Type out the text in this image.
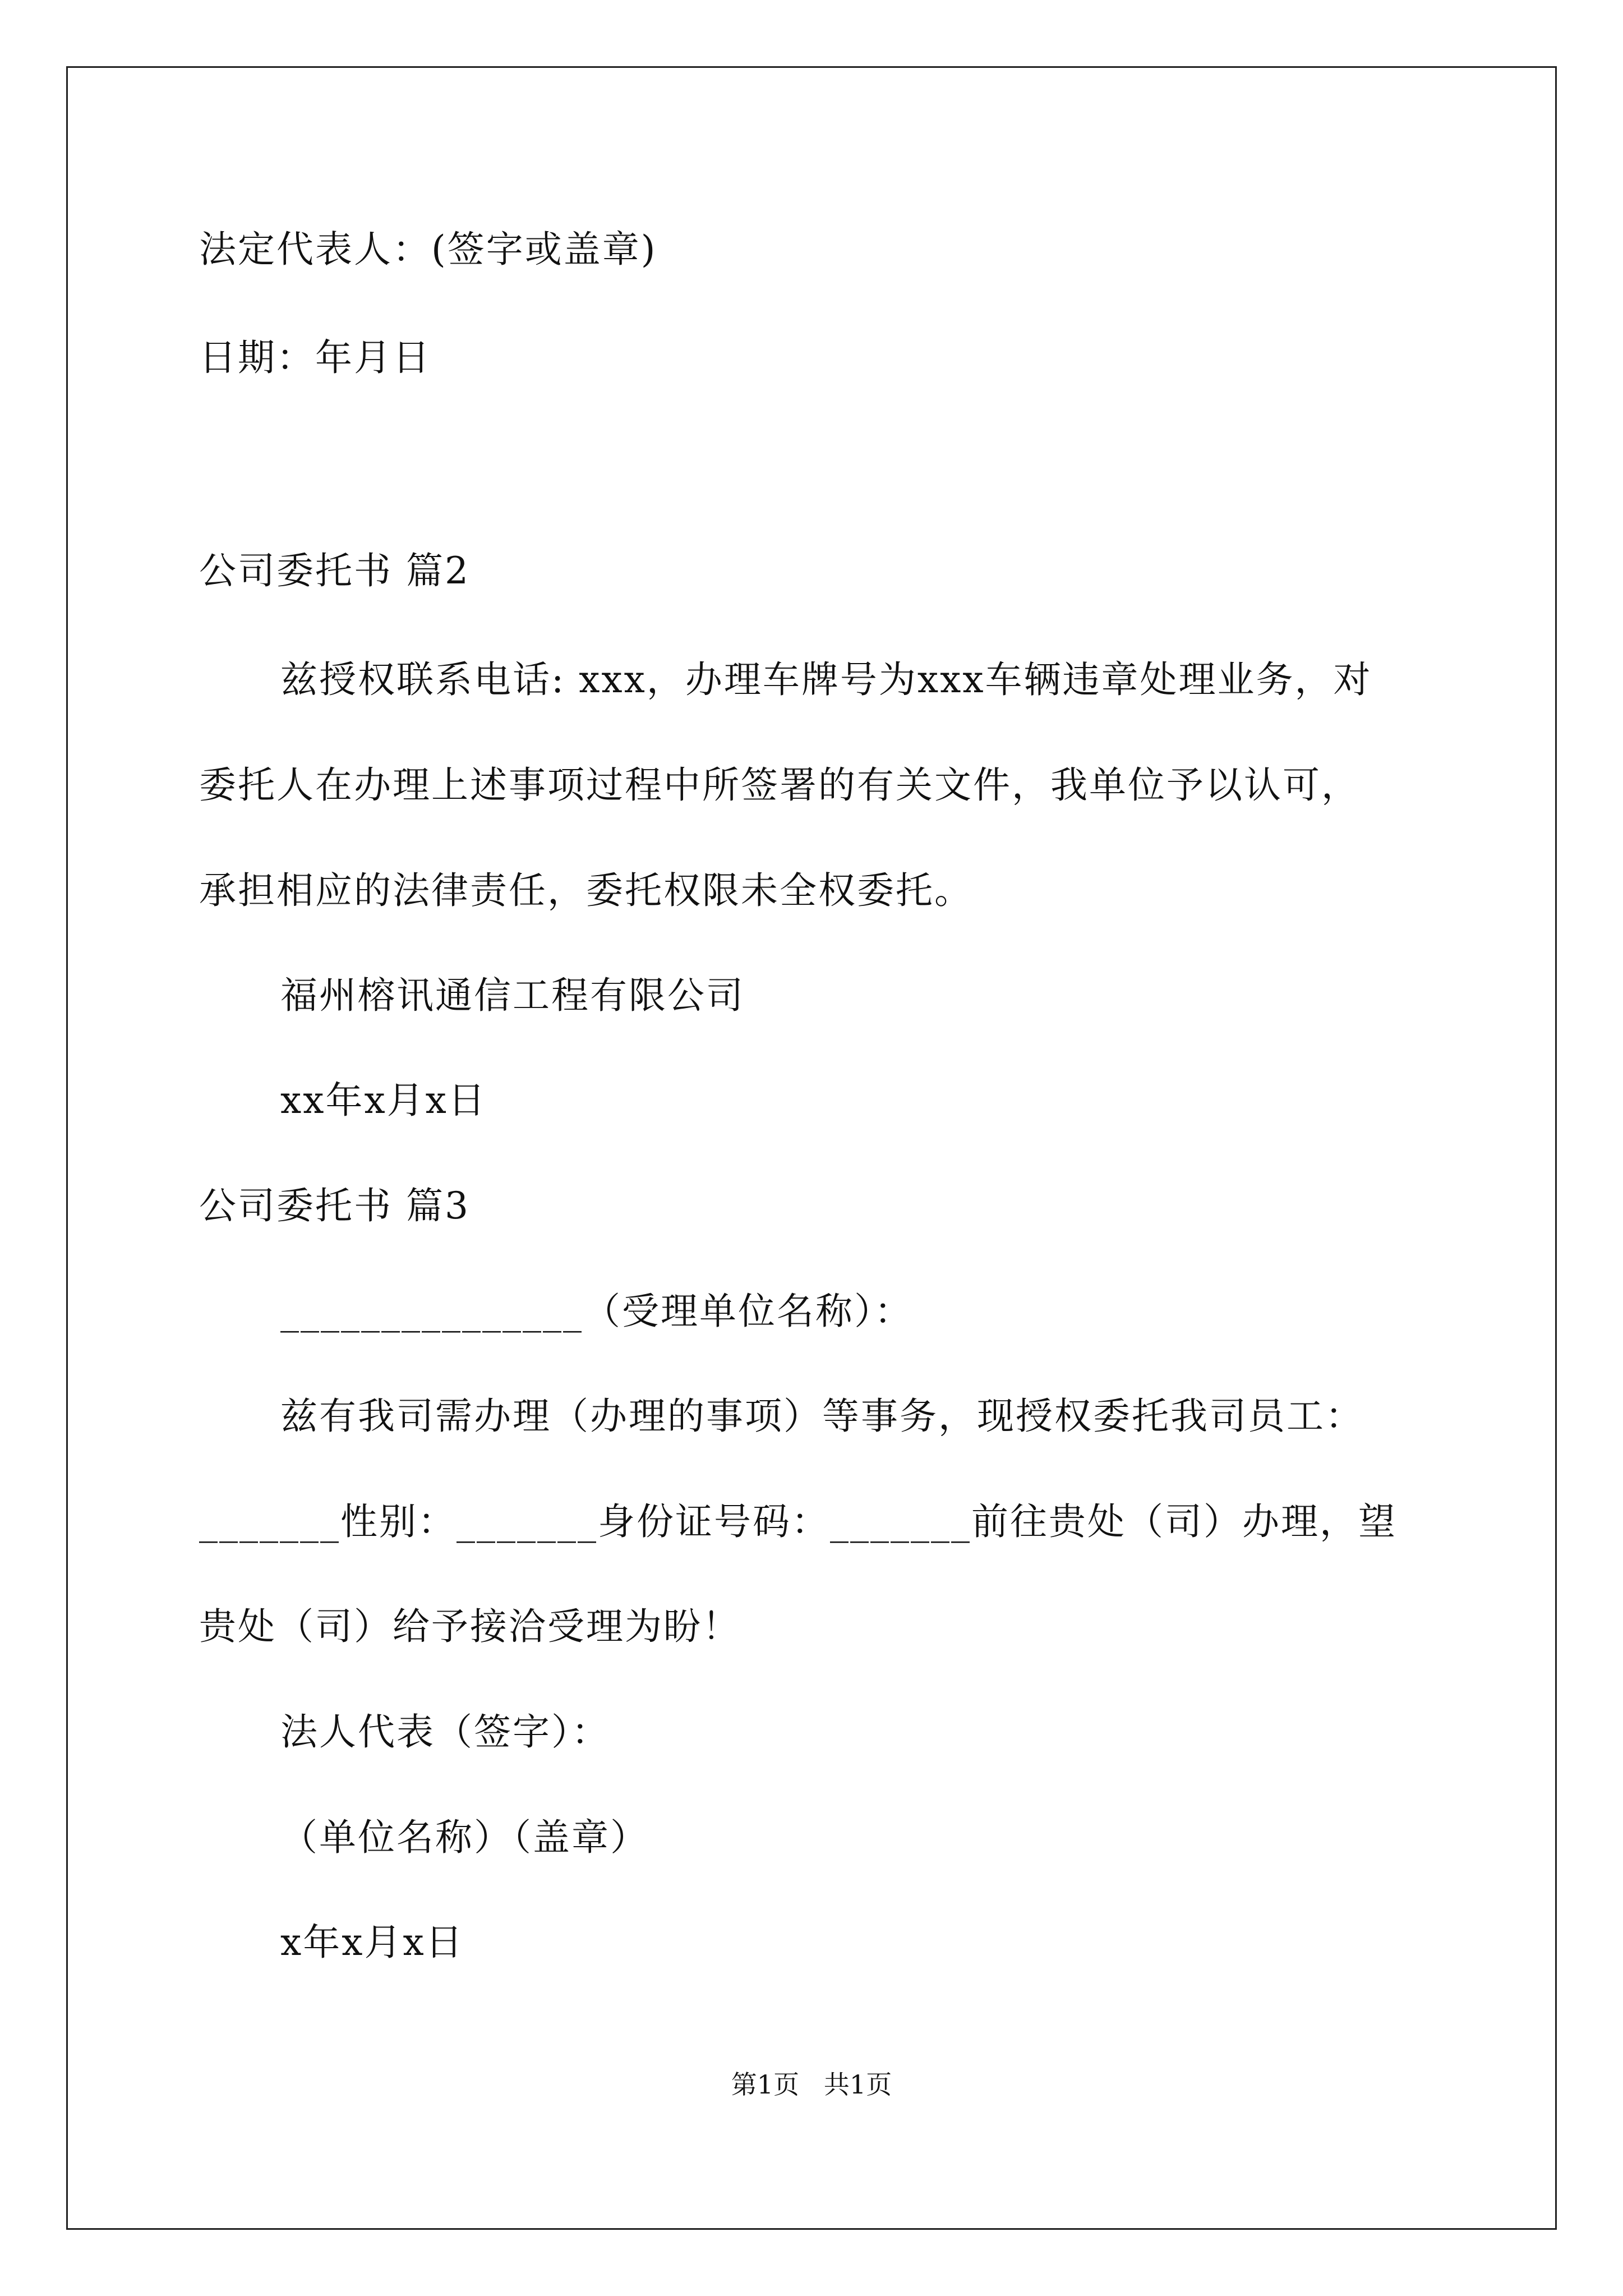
法定代表人：(签字或盖章)
日期：年月日
公司委托书 篇2
兹授权联系电话: xxx，办理车牌号为xxx车辆违章处理业务，对
委托人在办理上述事项过程中所签署的有关文件，我单位予以认可，
承担相应的法律责任，委托权限未全权委托。
福州榕讯通信工程有限公司
xx年x月x日
公司委托书 篇3
_______________（受理单位名称）：
兹有我司需办理（办理的事项）等事务，现授权委托我司员工：
_______性别：_______身份证号码：_______前往贵处（司）办理，望
贵处（司）给予接洽受理为盼！
法人代表（签字）：
（单位名称）（盖章）
x年x月x日
第1页   共1页
